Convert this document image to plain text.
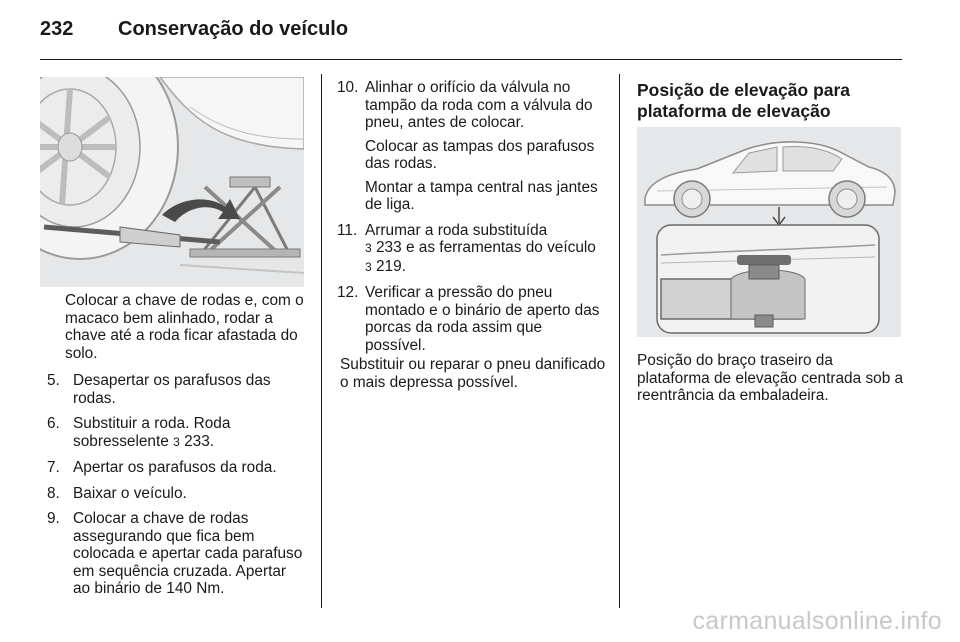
232 Conservação do veículo

Colocar a chave de rodas e, com o macaco bem alinhado, rodar a chave até a roda ficar afastada do solo.

5. Desapertar os parafusos das rodas.
6. Substituir a roda. Roda sobresselente 3 233.
7. Apertar os parafusos da roda.
8. Baixar o veículo.
9. Colocar a chave de rodas assegurando que fica bem colocada e apertar cada parafuso em sequência cruzada. Apertar ao binário de 140 Nm.
10. Alinhar o orifício da válvula no tampão da roda com a válvula do pneu, antes de colocar.

Colocar as tampas dos parafusos das rodas.

Montar a tampa central nas jantes de liga.

11. Arrumar a roda substituída
3 233 e as ferramentas do veículo 3 219.
12. Verificar a pressão do pneu montado e o binário de aperto das porcas da roda assim que possível.

Substituir ou reparar o pneu danificado o mais depressa possível.

Posição de elevação para plataforma de elevação

Posição do braço traseiro da plataforma de elevação centrada sob a reentrância da embaladeira.

carmanualsonline.info
